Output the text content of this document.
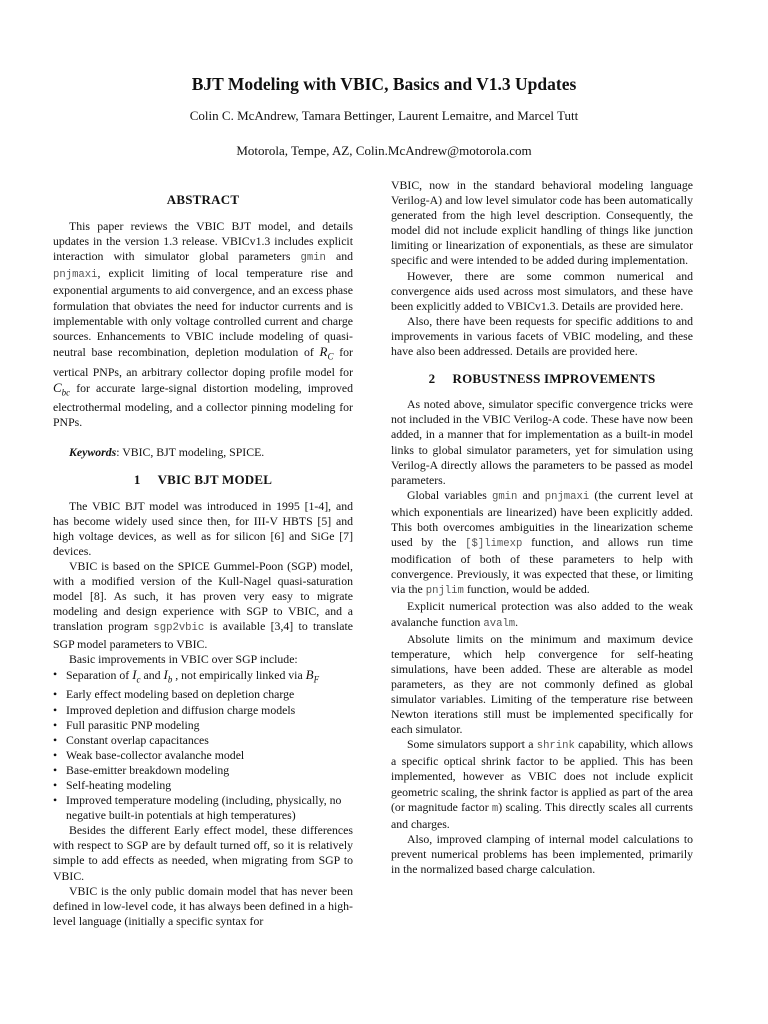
BJT Modeling with VBIC, Basics and V1.3 Updates
Colin C. McAndrew, Tamara Bettinger, Laurent Lemaitre, and Marcel Tutt
Motorola, Tempe, AZ, Colin.McAndrew@motorola.com
ABSTRACT

This paper reviews the VBIC BJT model, and details updates in the version 1.3 release. VBICv1.3 includes explicit interaction with simulator global parameters gmin and pnjmaxi, explicit limiting of local temperature rise and exponential arguments to aid convergence, and an excess phase formulation that obviates the need for inductor currents and is implementable with only voltage controlled current and charge sources. Enhancements to VBIC include modeling of quasi-neutral base recombination, depletion modulation of $R_C$ for vertical PNPs, an arbitrary collector doping profile model for $C_{bc}$ for accurate large-signal distortion modeling, improved electrothermal modeling, and a collector pinning modeling for PNPs.

Keywords: VBIC, BJT modeling, SPICE.

1     VBIC BJT MODEL

The VBIC BJT model was introduced in 1995 [1-4], and has become widely used since then, for III-V HBTS [5] and high voltage devices, as well as for silicon [6] and SiGe [7] devices.

VBIC is based on the SPICE Gummel-Poon (SGP) model, with a modified version of the Kull-Nagel quasi-saturation model [8]. As such, it has proven very easy to migrate modeling and design experience with SGP to VBIC, and a translation program sgp2vbic is available [3,4] to translate SGP model parameters to VBIC.

Basic improvements in VBIC over SGP include:

• Separation of $I_c$ and $I_b$ , not empirically linked via $B_F$
• Early effect modeling based on depletion charge
• Improved depletion and diffusion charge models
• Full parasitic PNP modeling
• Constant overlap capacitances
• Weak base-collector avalanche model
• Base-emitter breakdown modeling
• Self-heating modeling
• Improved temperature modeling (including, physically, no negative built-in potentials at high temperatures)

Besides the different Early effect model, these differences with respect to SGP are by default turned off, so it is relatively simple to add effects as needed, when migrating from SGP to VBIC.

VBIC is the only public domain model that has never been defined in low-level code, it has always been defined in a high-level language (initially a specific syntax for

VBIC, now in the standard behavioral modeling language Verilog-A) and low level simulator code has been automatically generated from the high level description. Consequently, the model did not include explicit handling of things like junction limiting or linearization of exponentials, as these are simulator specific and were intended to be added during implementation.

However, there are some common numerical and convergence aids used across most simulators, and these have been explicitly added to VBICv1.3. Details are provided here.

Also, there have been requests for specific additions to and improvements in various facets of VBIC modeling, and these have also been addressed. Details are provided here.

2     ROBUSTNESS IMPROVEMENTS

As noted above, simulator specific convergence tricks were not included in the VBIC Verilog-A code. These have now been added, in a manner that for implementation as a built-in model links to global simulator parameters, yet for simulation using Verilog-A directly allows the parameters to be passed as model parameters.

Global variables gmin and pnjmaxi (the current level at which exponentials are linearized) have been explicitly added. This both overcomes ambiguities in the linearization scheme used by the [$]limexp function, and allows run time modification of both of these parameters to help with convergence. Previously, it was expected that these, or limiting via the pnjlim function, would be added.

Explicit numerical protection was also added to the weak avalanche function avalm.

Absolute limits on the minimum and maximum device temperature, which help convergence for self-heating simulations, have been added. These are alterable as model parameters, as they are not commonly defined as global simulator variables. Limiting of the temperature rise between Newton iterations still must be implemented specifically for each simulator.

Some simulators support a shrink capability, which allows a specific optical shrink factor to be applied. This has been implemented, however as VBIC does not include explicit geometric scaling, the shrink factor is applied as part of the area (or magnitude factor m) scaling. This directly scales all currents and charges.

Also, improved clamping of internal model calculations to prevent numerical problems has been implemented, primarily in the normalized based charge calculation.
